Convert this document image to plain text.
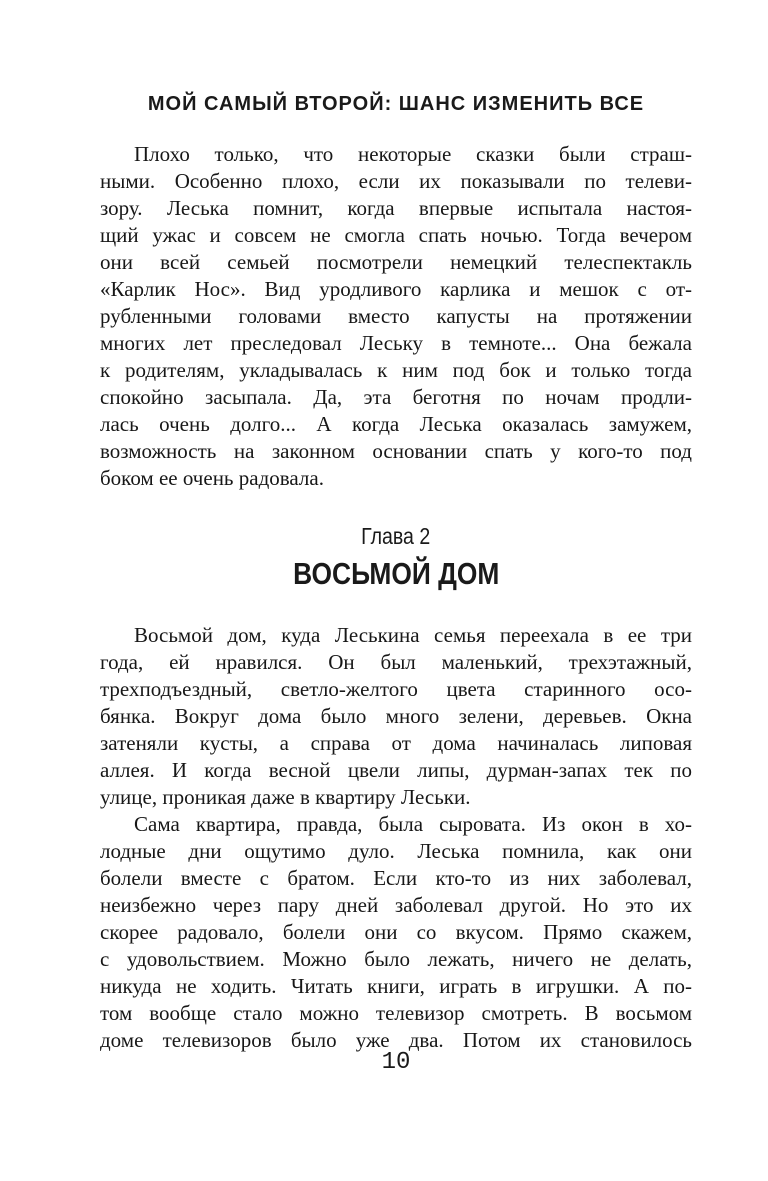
МОЙ САМЫЙ ВТОРОЙ: ШАНС ИЗМЕНИТЬ ВСЕ
Плохо только, что некоторые сказки были страш-
ными. Особенно плохо, если их показывали по телеви-
зору. Леська помнит, когда впервые испытала настоя-
щий ужас и совсем не смогла спать ночью. Тогда вечером
они всей семьей посмотрели немецкий телеспектакль
«Карлик Нос». Вид уродливого карлика и мешок с от-
рубленными головами вместо капусты на протяжении
многих лет преследовал Леську в темноте... Она бежала
к родителям, укладывалась к ним под бок и только тогда
спокойно засыпала. Да, эта беготня по ночам продли-
лась очень долго... А когда Леська оказалась замужем,
возможность на законном основании спать у кого-то под
боком ее очень радовала.
Глава 2
ВОСЬМОЙ ДОМ
Восьмой дом, куда Леськина семья переехала в ее три
года, ей нравился. Он был маленький, трехэтажный,
трехподъездный, светло-желтого цвета старинного осо-
бянка. Вокруг дома было много зелени, деревьев. Окна
затеняли кусты, а справа от дома начиналась липовая
аллея. И когда весной цвели липы, дурман-запах тек по
улице, проникая даже в квартиру Леськи.
Сама квартира, правда, была сыровата. Из окон в хо-
лодные дни ощутимо дуло. Леська помнила, как они
болели вместе с братом. Если кто-то из них заболевал,
неизбежно через пару дней заболевал другой. Но это их
скорее радовало, болели они со вкусом. Прямо скажем,
с удовольствием. Можно было лежать, ничего не делать,
никуда не ходить. Читать книги, играть в игрушки. А по-
том вообще стало можно телевизор смотреть. В восьмом
доме телевизоров было уже два. Потом их становилось
10
